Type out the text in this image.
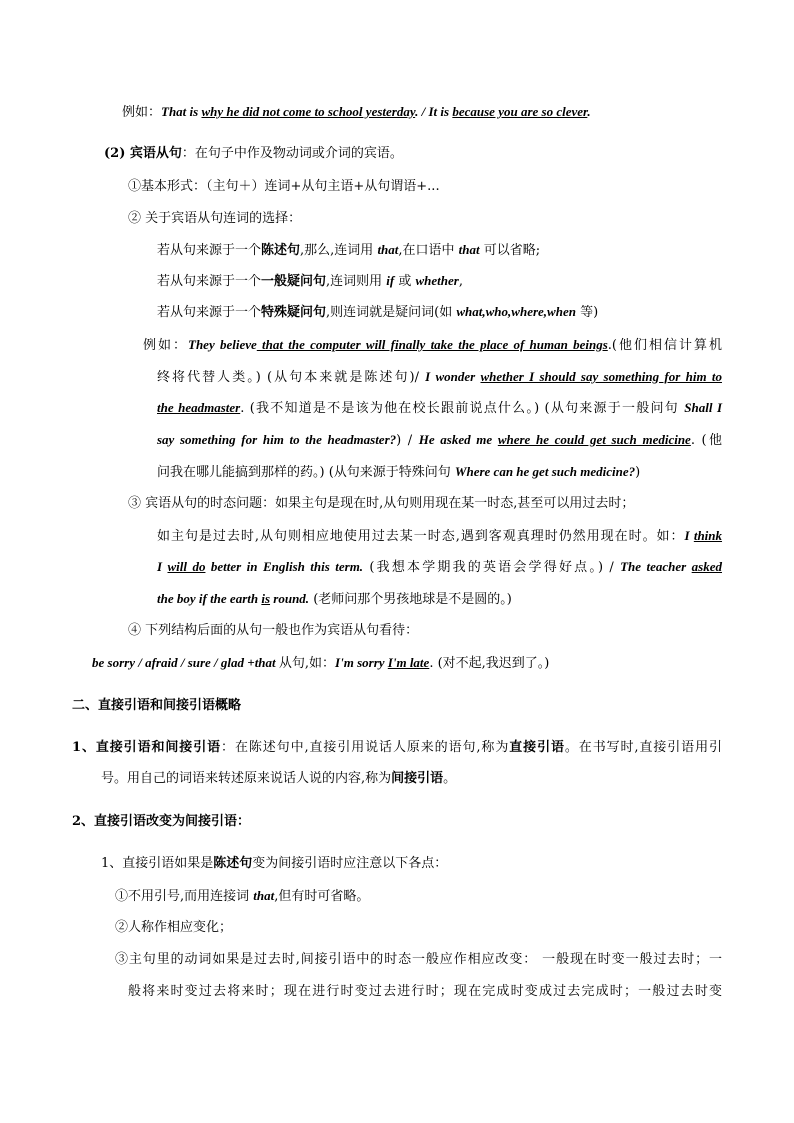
例如：That is why he did not come to school yesterday. / It is because you are so clever.
(2) 宾语从句：在句子中作及物动词或介词的宾语。
①基本形式：（主句＋）连词+从句主语+从句谓语+...
② 关于宾语从句连词的选择：
若从句来源于一个陈述句,那么,连词用 that,在口语中 that 可以省略;
若从句来源于一个一般疑问句,连词则用 if 或 whether,
若从句来源于一个特殊疑问句,则连词就是疑问词(如 what,who,where,when 等)
例如：They believe that the computer will finally take the place of human beings.(他们相信计算机
终将代替人类。) (从句本来就是陈述句)/ I wonder whether I should say something for him to
the headmaster. (我不知道是不是该为他在校长跟前说点什么。) (从句来源于一般问句 Shall I
say something for him to the headmaster?) / He asked me where he could get such medicine. (他
问我在哪儿能搞到那样的药。) (从句来源于特殊问句 Where can he get such medicine?)
③ 宾语从句的时态问题：如果主句是现在时,从句则用现在某一时态,甚至可以用过去时；
如主句是过去时,从句则相应地使用过去某一时态,遇到客观真理时仍然用现在时。如：I think
I will do better in English this term. (我想本学期我的英语会学得好点。) / The teacher asked
the boy if the earth is round. (老师问那个男孩地球是不是圆的。)
④ 下列结构后面的从句一般也作为宾语从句看待：
be sorry / afraid / sure / glad +that 从句,如：I'm sorry I'm late. (对不起,我迟到了。)
二、直接引语和间接引语概略
1、直接引语和间接引语：在陈述句中,直接引用说话人原来的语句,称为直接引语。在书写时,直接引语用引
号。用自己的词语来转述原来说话人说的内容,称为间接引语。
2、直接引语改变为间接引语：
1、直接引语如果是陈述句变为间接引语时应注意以下各点：
①不用引号,而用连接词 that,但有时可省略。
②人称作相应变化；
③主句里的动词如果是过去时,间接引语中的时态一般应作相应改变： 一般现在时变一般过去时；一
般将来时变过去将来时；现在进行时变过去进行时；现在完成时变成过去完成时；一般过去时变
